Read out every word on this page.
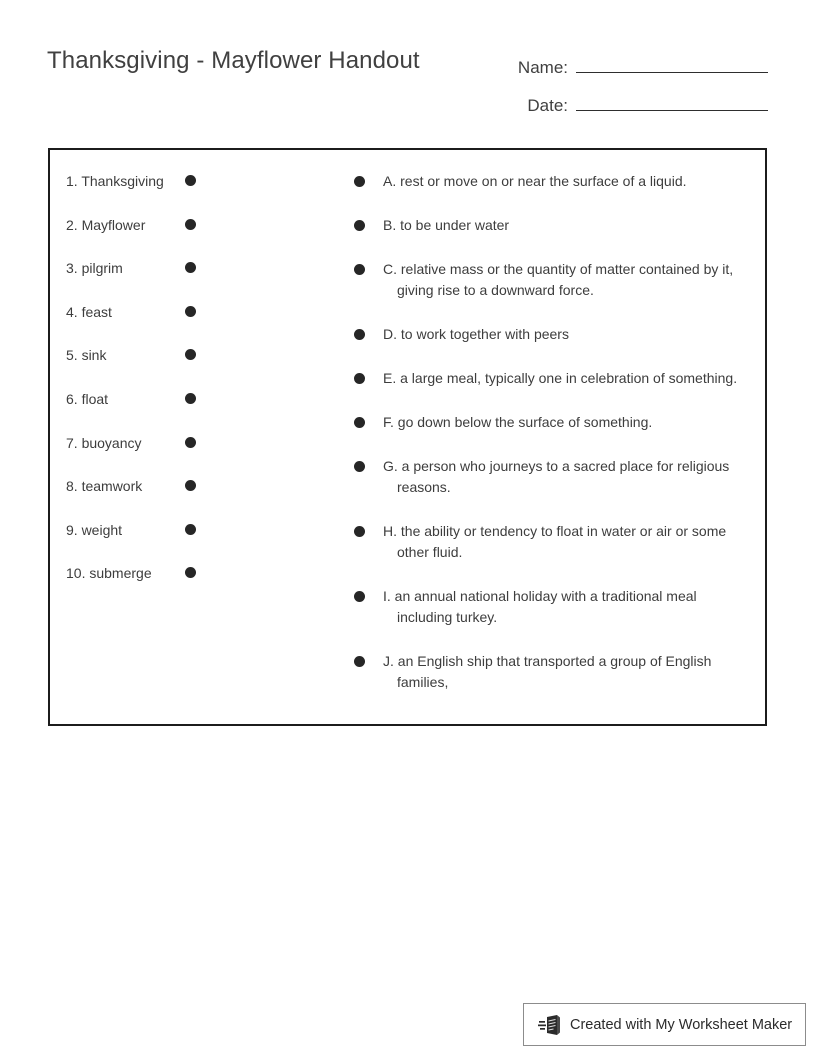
Thanksgiving - Mayflower Handout	Name:
Date:
1. Thanksgiving
2. Mayflower
3. pilgrim
4. feast
5. sink
6. float
7. buoyancy
8. teamwork
9. weight
10. submerge
A. rest or move on or near the surface of a liquid.
B. to be under water
C. relative mass or the quantity of matter contained by it, giving rise to a downward force.
D. to work together with peers
E. a large meal, typically one in celebration of something.
F. go down below the surface of something.
G. a person who journeys to a sacred place for religious reasons.
H. the ability or tendency to float in water or air or some other fluid.
I. an annual national holiday with a traditional meal including turkey.
J. an English ship that transported a group of English families,
Created with My Worksheet Maker
